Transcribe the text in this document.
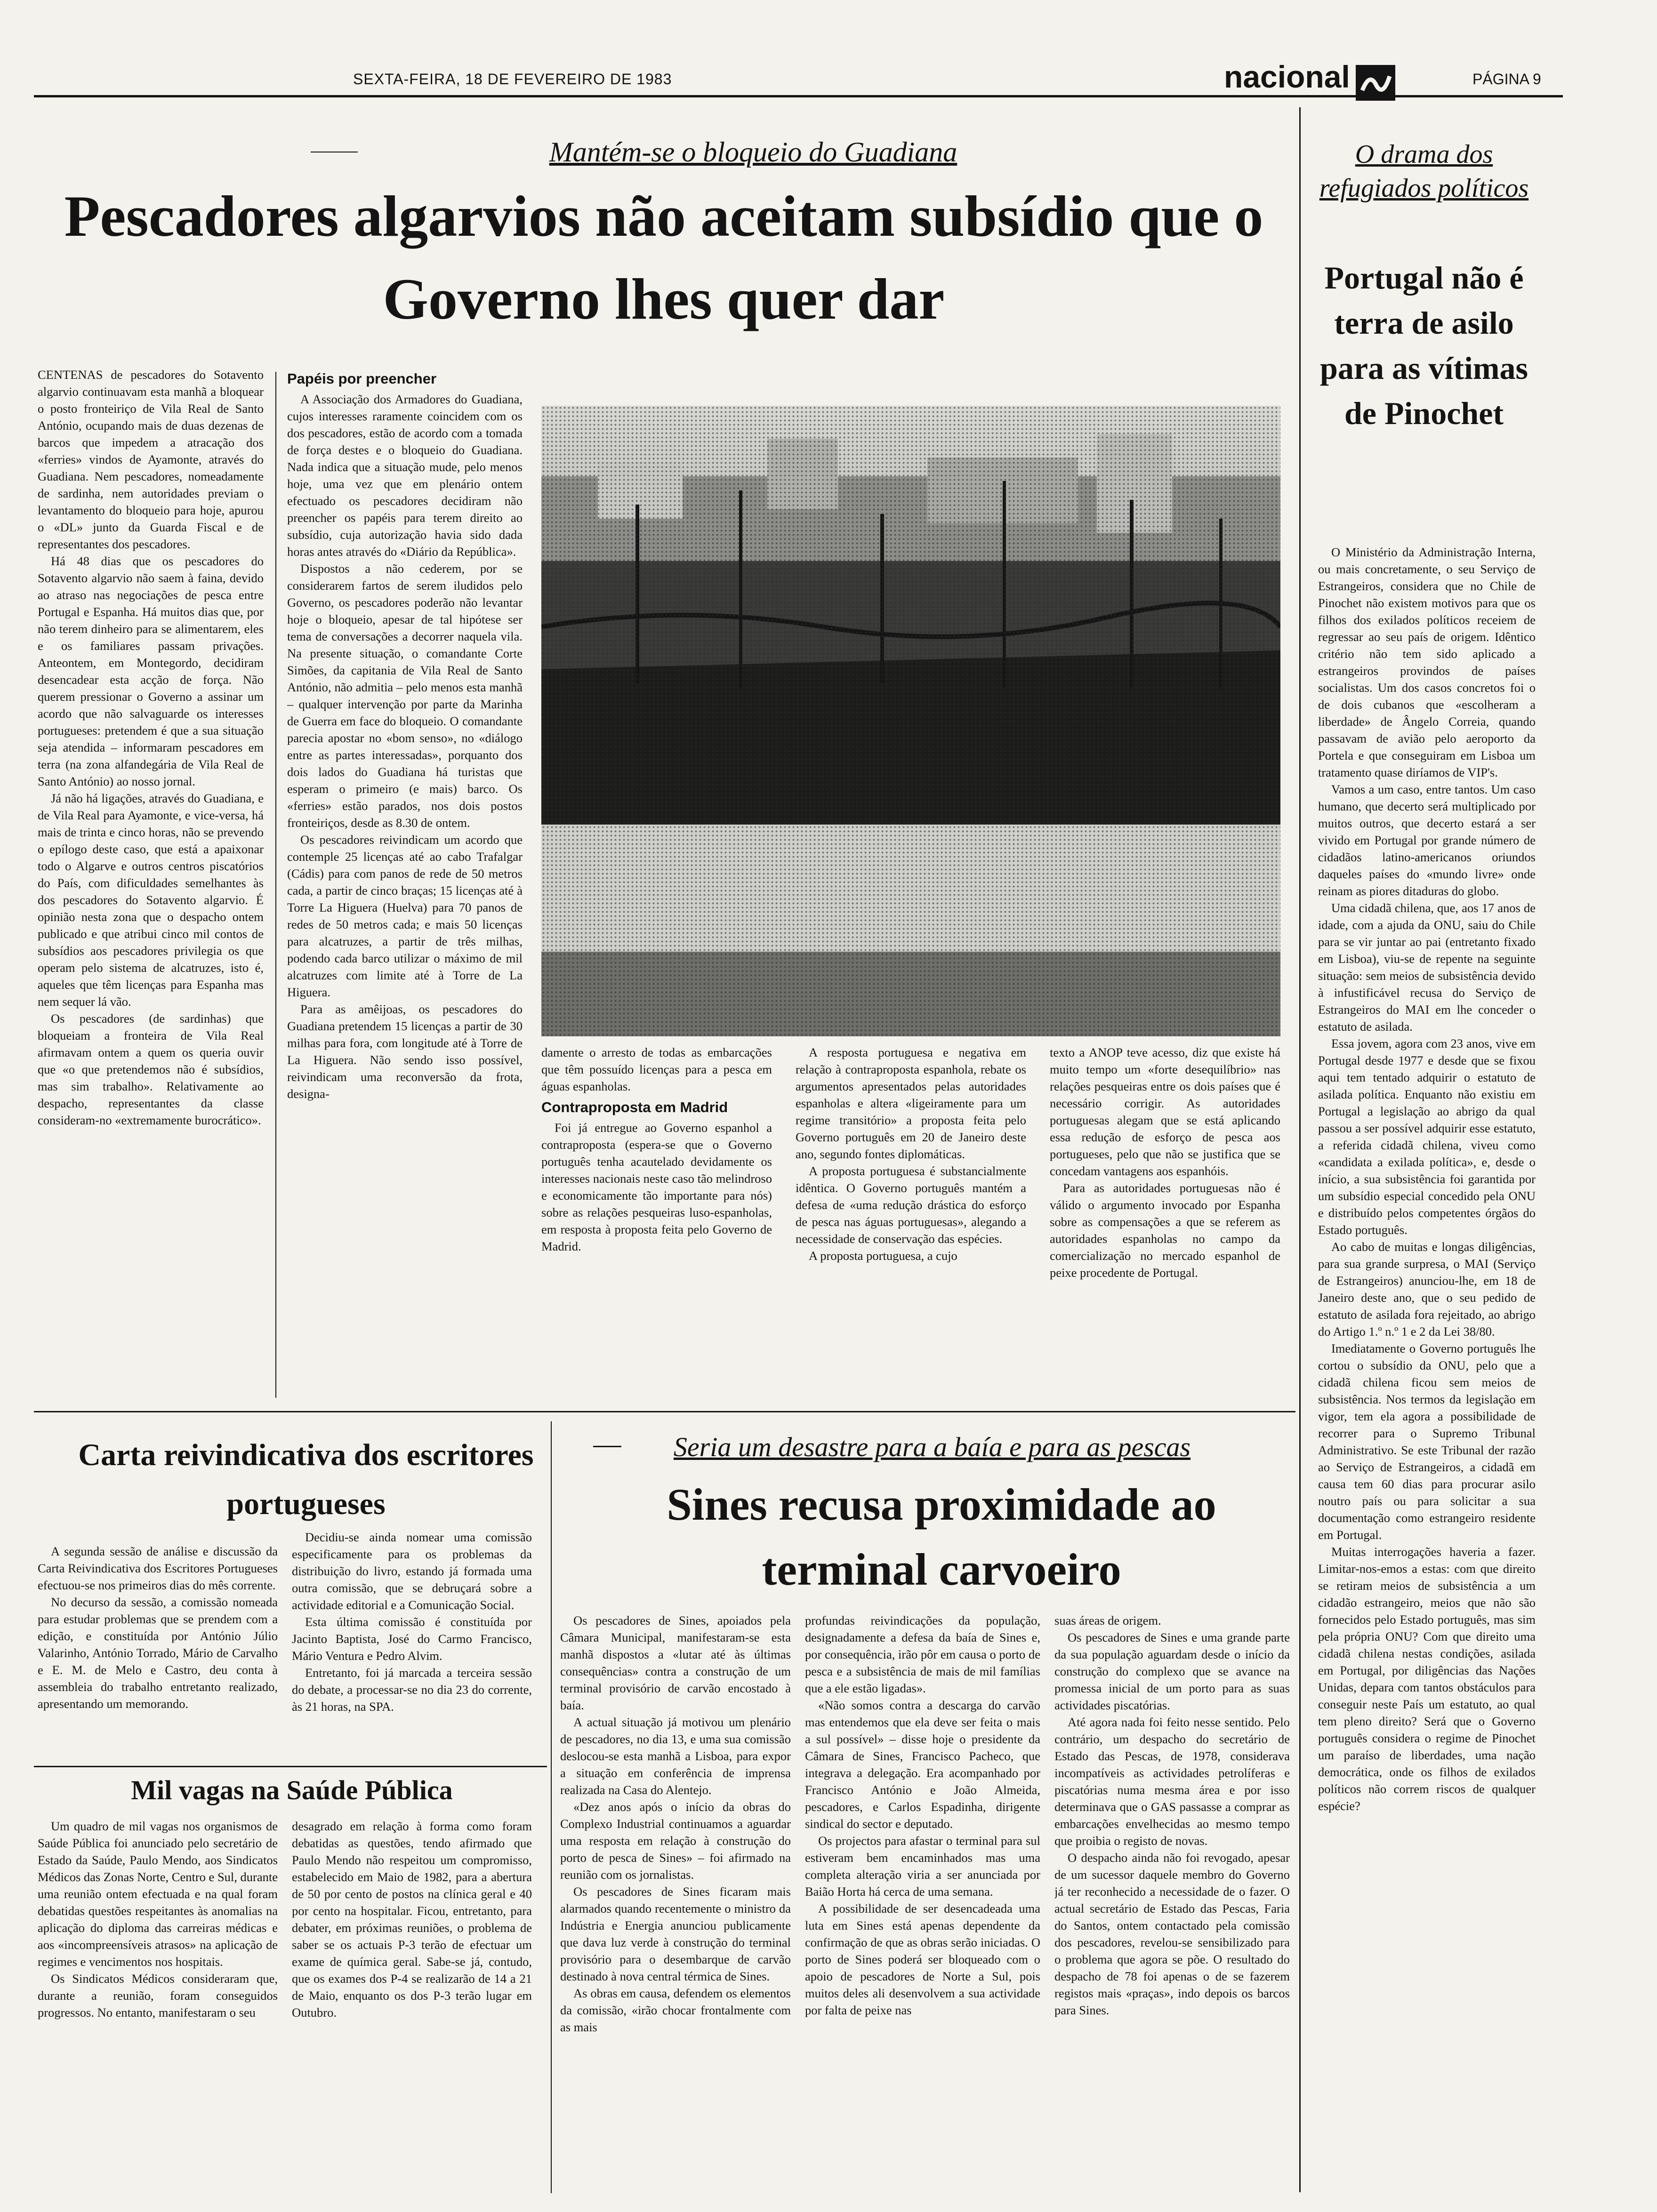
SEXTA-FEIRA, 18 DE FEVEREIRO DE 1983	nacional	PÁGINA 9
Mantém-se o bloqueio do Guadiana
Pescadores algarvios não aceitam subsídio que o Governo lhes quer dar

CENTENAS de pescadores do Sotavento algarvio continuavam esta manhã a bloquear o posto fronteiriço de Vila Real de Santo António, ocupando mais de duas dezenas de barcos que impedem a atracação dos «ferries» vindos de Ayamonte, através do Guadiana. Nem pescadores, nomeadamente de sardinha, nem autoridades previam o levantamento do bloqueio para hoje, apurou o «DL» junto da Guarda Fiscal e de representantes dos pescadores.

Há 48 dias que os pescadores do Sotavento algarvio não saem à faina, devido ao atraso nas negociações de pesca entre Portugal e Espanha. Há muitos dias que, por não terem dinheiro para se alimentarem, eles e os familiares passam privações. Anteontem, em Montegordo, decidiram desencadear esta acção de força. Não querem pressionar o Governo a assinar um acordo que não salvaguarde os interesses portugueses: pretendem é que a sua situação seja atendida – informaram pescadores em terra (na zona alfandegária de Vila Real de Santo António) ao nosso jornal.

Já não há ligações, através do Guadiana, e de Vila Real para Ayamonte, e vice-versa, há mais de trinta e cinco horas, não se prevendo o epílogo deste caso, que está a apaixonar todo o Algarve e outros centros piscatórios do País, com dificuldades semelhantes às dos pescadores do Sotavento algarvio. É opinião nesta zona que o despacho ontem publicado e que atribui cinco mil contos de subsídios aos pescadores privilegia os que operam pelo sistema de alcatruzes, isto é, aqueles que têm licenças para Espanha mas nem sequer lá vão.

Os pescadores (de sardinhas) que bloqueiam a fronteira de Vila Real afirmavam ontem a quem os queria ouvir que «o que pretendemos não é subsídios, mas sim trabalho». Relativamente ao despacho, representantes da classe consideram-no «extremamente burocrático».

Papéis por preencher

A Associação dos Armadores do Guadiana, cujos interesses raramente coincidem com os dos pescadores, estão de acordo com a tomada de força destes e o bloqueio do Guadiana. Nada indica que a situação mude, pelo menos hoje, uma vez que em plenário ontem efectuado os pescadores decidiram não preencher os papéis para terem direito ao subsídio, cuja autorização havia sido dada horas antes através do «Diário da República».

Dispostos a não cederem, por se considerarem fartos de serem iludidos pelo Governo, os pescadores poderão não levantar hoje o bloqueio, apesar de tal hipótese ser tema de conversações a decorrer naquela vila. Na presente situação, o comandante Corte Simões, da capitania de Vila Real de Santo António, não admitia – pelo menos esta manhã – qualquer intervenção por parte da Marinha de Guerra em face do bloqueio. O comandante parecia apostar no «bom senso», no «diálogo entre as partes interessadas», porquanto dos dois lados do Guadiana há turistas que esperam o primeiro (e mais) barco. Os «ferries» estão parados, nos dois postos fronteiriços, desde as 8.30 de ontem.

Os pescadores reivindicam um acordo que contemple 25 licenças até ao cabo Trafalgar (Cádis) para com panos de rede de 50 metros cada, a partir de cinco braças; 15 licenças até à Torre La Higuera (Huelva) para 70 panos de redes de 50 metros cada; e mais 50 licenças para alcatruzes, a partir de três milhas, podendo cada barco utilizar o máximo de mil alcatruzes com limite até à Torre de La Higuera.

Para as amêijoas, os pescadores do Guadiana pretendem 15 licenças a partir de 30 milhas para fora, com longitude até à Torre de La Higuera. Não sendo isso possível, reivindicam uma reconversão da frota, designa-

damente o arresto de todas as embarcações que têm possuído licenças para a pesca em águas espanholas.

Contraproposta em Madrid

Foi já entregue ao Governo espanhol a contraproposta (espera-se que o Governo português tenha acautelado devidamente os interesses nacionais neste caso tão melindroso e economicamente tão importante para nós) sobre as relações pesqueiras luso-espanholas, em resposta à proposta feita pelo Governo de Madrid.

A resposta portuguesa e negativa em relação à contraproposta espanhola, rebate os argumentos apresentados pelas autoridades espanholas e altera «ligeiramente para um regime transitório» a proposta feita pelo Governo português em 20 de Janeiro deste ano, segundo fontes diplomáticas.

A proposta portuguesa é substancialmente idêntica. O Governo português mantém a defesa de «uma redução drástica do esforço de pesca nas águas portuguesas», alegando a necessidade de conservação das espécies.

A proposta portuguesa, a cujo

texto a ANOP teve acesso, diz que existe há muito tempo um «forte desequilíbrio» nas relações pesqueiras entre os dois países que é necessário corrigir. As autoridades portuguesas alegam que se está aplicando essa redução de esforço de pesca aos portugueses, pelo que não se justifica que se concedam vantagens aos espanhóis.

Para as autoridades portuguesas não é válido o argumento invocado por Espanha sobre as compensações a que se referem as autoridades espanholas no campo da comercialização no mercado espanhol de peixe procedente de Portugal.

O drama dos refugiados políticos
Portugal não é terra de asilo para as vítimas de Pinochet

O Ministério da Administração Interna, ou mais concretamente, o seu Serviço de Estrangeiros, considera que no Chile de Pinochet não existem motivos para que os filhos dos exilados políticos receiem de regressar ao seu país de origem. Idêntico critério não tem sido aplicado a estrangeiros provindos de países socialistas. Um dos casos concretos foi o de dois cubanos que «escolheram a liberdade» de Ângelo Correia, quando passavam de avião pelo aeroporto da Portela e que conseguiram em Lisboa um tratamento quase diríamos de VIP's.

Vamos a um caso, entre tantos. Um caso humano, que decerto será multiplicado por muitos outros, que decerto estará a ser vivido em Portugal por grande número de cidadãos latino-americanos oriundos daqueles países do «mundo livre» onde reinam as piores ditaduras do globo.

Uma cidadã chilena, que, aos 17 anos de idade, com a ajuda da ONU, saiu do Chile para se vir juntar ao pai (entretanto fixado em Lisboa), viu-se de repente na seguinte situação: sem meios de subsistência devido à infustificável recusa do Serviço de Estrangeiros do MAI em lhe conceder o estatuto de asilada.

Essa jovem, agora com 23 anos, vive em Portugal desde 1977 e desde que se fixou aqui tem tentado adquirir o estatuto de asilada política. Enquanto não existiu em Portugal a legislação ao abrigo da qual passou a ser possível adquirir esse estatuto, a referida cidadã chilena, viveu como «candidata a exilada política», e, desde o início, a sua subsistência foi garantida por um subsídio especial concedido pela ONU e distribuído pelos competentes órgãos do Estado português.

Ao cabo de muitas e longas diligências, para sua grande surpresa, o MAI (Serviço de Estrangeiros) anunciou-lhe, em 18 de Janeiro deste ano, que o seu pedido de estatuto de asilada fora rejeitado, ao abrigo do Artigo 1.º n.º 1 e 2 da Lei 38/80.

Imediatamente o Governo português lhe cortou o subsídio da ONU, pelo que a cidadã chilena ficou sem meios de subsistência. Nos termos da legislação em vigor, tem ela agora a possibilidade de recorrer para o Supremo Tribunal Administrativo. Se este Tribunal der razão ao Serviço de Estrangeiros, a cidadã em causa tem 60 dias para procurar asilo noutro país ou para solicitar a sua documentação como estrangeiro residente em Portugal.

Muitas interrogações haveria a fazer. Limitar-nos-emos a estas: com que direito se retiram meios de subsistência a um cidadão estrangeiro, meios que não são fornecidos pelo Estado português, mas sim pela própria ONU? Com que direito uma cidadã chilena nestas condições, asilada em Portugal, por diligências das Nações Unidas, depara com tantos obstáculos para conseguir neste País um estatuto, ao qual tem pleno direito? Será que o Governo português considera o regime de Pinochet um paraíso de liberdades, uma nação democrática, onde os filhos de exilados políticos não correm riscos de qualquer espécie?

Carta reivindicativa dos escritores portugueses

A segunda sessão de análise e discussão da Carta Reivindicativa dos Escritores Portugueses efectuou-se nos primeiros dias do mês corrente.

No decurso da sessão, a comissão nomeada para estudar problemas que se prendem com a edição, e constituída por António Júlio Valarinho, António Torrado, Mário de Carvalho e E. M. de Melo e Castro, deu conta à assembleia do trabalho entretanto realizado, apresentando um memorando.

Decidiu-se ainda nomear uma comissão especificamente para os problemas da distribuição do livro, estando já formada uma outra comissão, que se debruçará sobre a actividade editorial e a Comunicação Social.

Esta última comissão é constituída por Jacinto Baptista, José do Carmo Francisco, Mário Ventura e Pedro Alvim.

Entretanto, foi já marcada a terceira sessão do debate, a processar-se no dia 23 do corrente, às 21 horas, na SPA.

Mil vagas na Saúde Pública

Um quadro de mil vagas nos organismos de Saúde Pública foi anunciado pelo secretário de Estado da Saúde, Paulo Mendo, aos Sindicatos Médicos das Zonas Norte, Centro e Sul, durante uma reunião ontem efectuada e na qual foram debatidas questões respeitantes às anomalias na aplicação do diploma das carreiras médicas e aos «incompreensíveis atrasos» na aplicação de regimes e vencimentos nos hospitais.

Os Sindicatos Médicos consideraram que, durante a reunião, foram conseguidos progressos. No entanto, manifestaram o seu

desagrado em relação à forma como foram debatidas as questões, tendo afirmado que Paulo Mendo não respeitou um compromisso, estabelecido em Maio de 1982, para a abertura de 50 por cento de postos na clínica geral e 40 por cento na hospitalar. Ficou, entretanto, para debater, em próximas reuniões, o problema de saber se os actuais P-3 terão de efectuar um exame de química geral. Sabe-se já, contudo, que os exames dos P-4 se realizarão de 14 a 21 de Maio, enquanto os dos P-3 terão lugar em Outubro.

Seria um desastre para a baía e para as pescas
Sines recusa proximidade ao terminal carvoeiro

Os pescadores de Sines, apoiados pela Câmara Municipal, manifestaram-se esta manhã dispostos a «lutar até às últimas consequências» contra a construção de um terminal provisório de carvão encostado à baía.

A actual situação já motivou um plenário de pescadores, no dia 13, e uma sua comissão deslocou-se esta manhã a Lisboa, para expor a situação em conferência de imprensa realizada na Casa do Alentejo.

«Dez anos após o início da obras do Complexo Industrial continuamos a aguardar uma resposta em relação à construção do porto de pesca de Sines» – foi afirmado na reunião com os jornalistas.

Os pescadores de Sines ficaram mais alarmados quando recentemente o ministro da Indústria e Energia anunciou publicamente que dava luz verde à construção do terminal provisório para o desembarque de carvão destinado à nova central térmica de Sines.

As obras em causa, defendem os elementos da comissão, «irão chocar frontalmente com as mais

profundas reivindicações da população, designadamente a defesa da baía de Sines e, por consequência, irão pôr em causa o porto de pesca e a subsistência de mais de mil famílias que a ele estão ligadas».

«Não somos contra a descarga do carvão mas entendemos que ela deve ser feita o mais a sul possível» – disse hoje o presidente da Câmara de Sines, Francisco Pacheco, que integrava a delegação. Era acompanhado por Francisco António e João Almeida, pescadores, e Carlos Espadinha, dirigente sindical do sector e deputado.

Os projectos para afastar o terminal para sul estiveram bem encaminhados mas uma completa alteração viria a ser anunciada por Baião Horta há cerca de uma semana.

A possibilidade de ser desencadeada uma luta em Sines está apenas dependente da confirmação de que as obras serão iniciadas. O porto de Sines poderá ser bloqueado com o apoio de pescadores de Norte a Sul, pois muitos deles ali desenvolvem a sua actividade por falta de peixe nas

suas áreas de origem.

Os pescadores de Sines e uma grande parte da sua população aguardam desde o início da construção do complexo que se avance na promessa inicial de um porto para as suas actividades piscatórias.

Até agora nada foi feito nesse sentido. Pelo contrário, um despacho do secretário de Estado das Pescas, de 1978, considerava incompatíveis as actividades petrolíferas e piscatórias numa mesma área e por isso determinava que o GAS passasse a comprar as embarcações envelhecidas ao mesmo tempo que proibia o registo de novas.

O despacho ainda não foi revogado, apesar de um sucessor daquele membro do Governo já ter reconhecido a necessidade de o fazer. O actual secretário de Estado das Pescas, Faria do Santos, ontem contactado pela comissão dos pescadores, revelou-se sensibilizado para o problema que agora se põe. O resultado do despacho de 78 foi apenas o de se fazerem registos mais «praças», indo depois os barcos para Sines.
